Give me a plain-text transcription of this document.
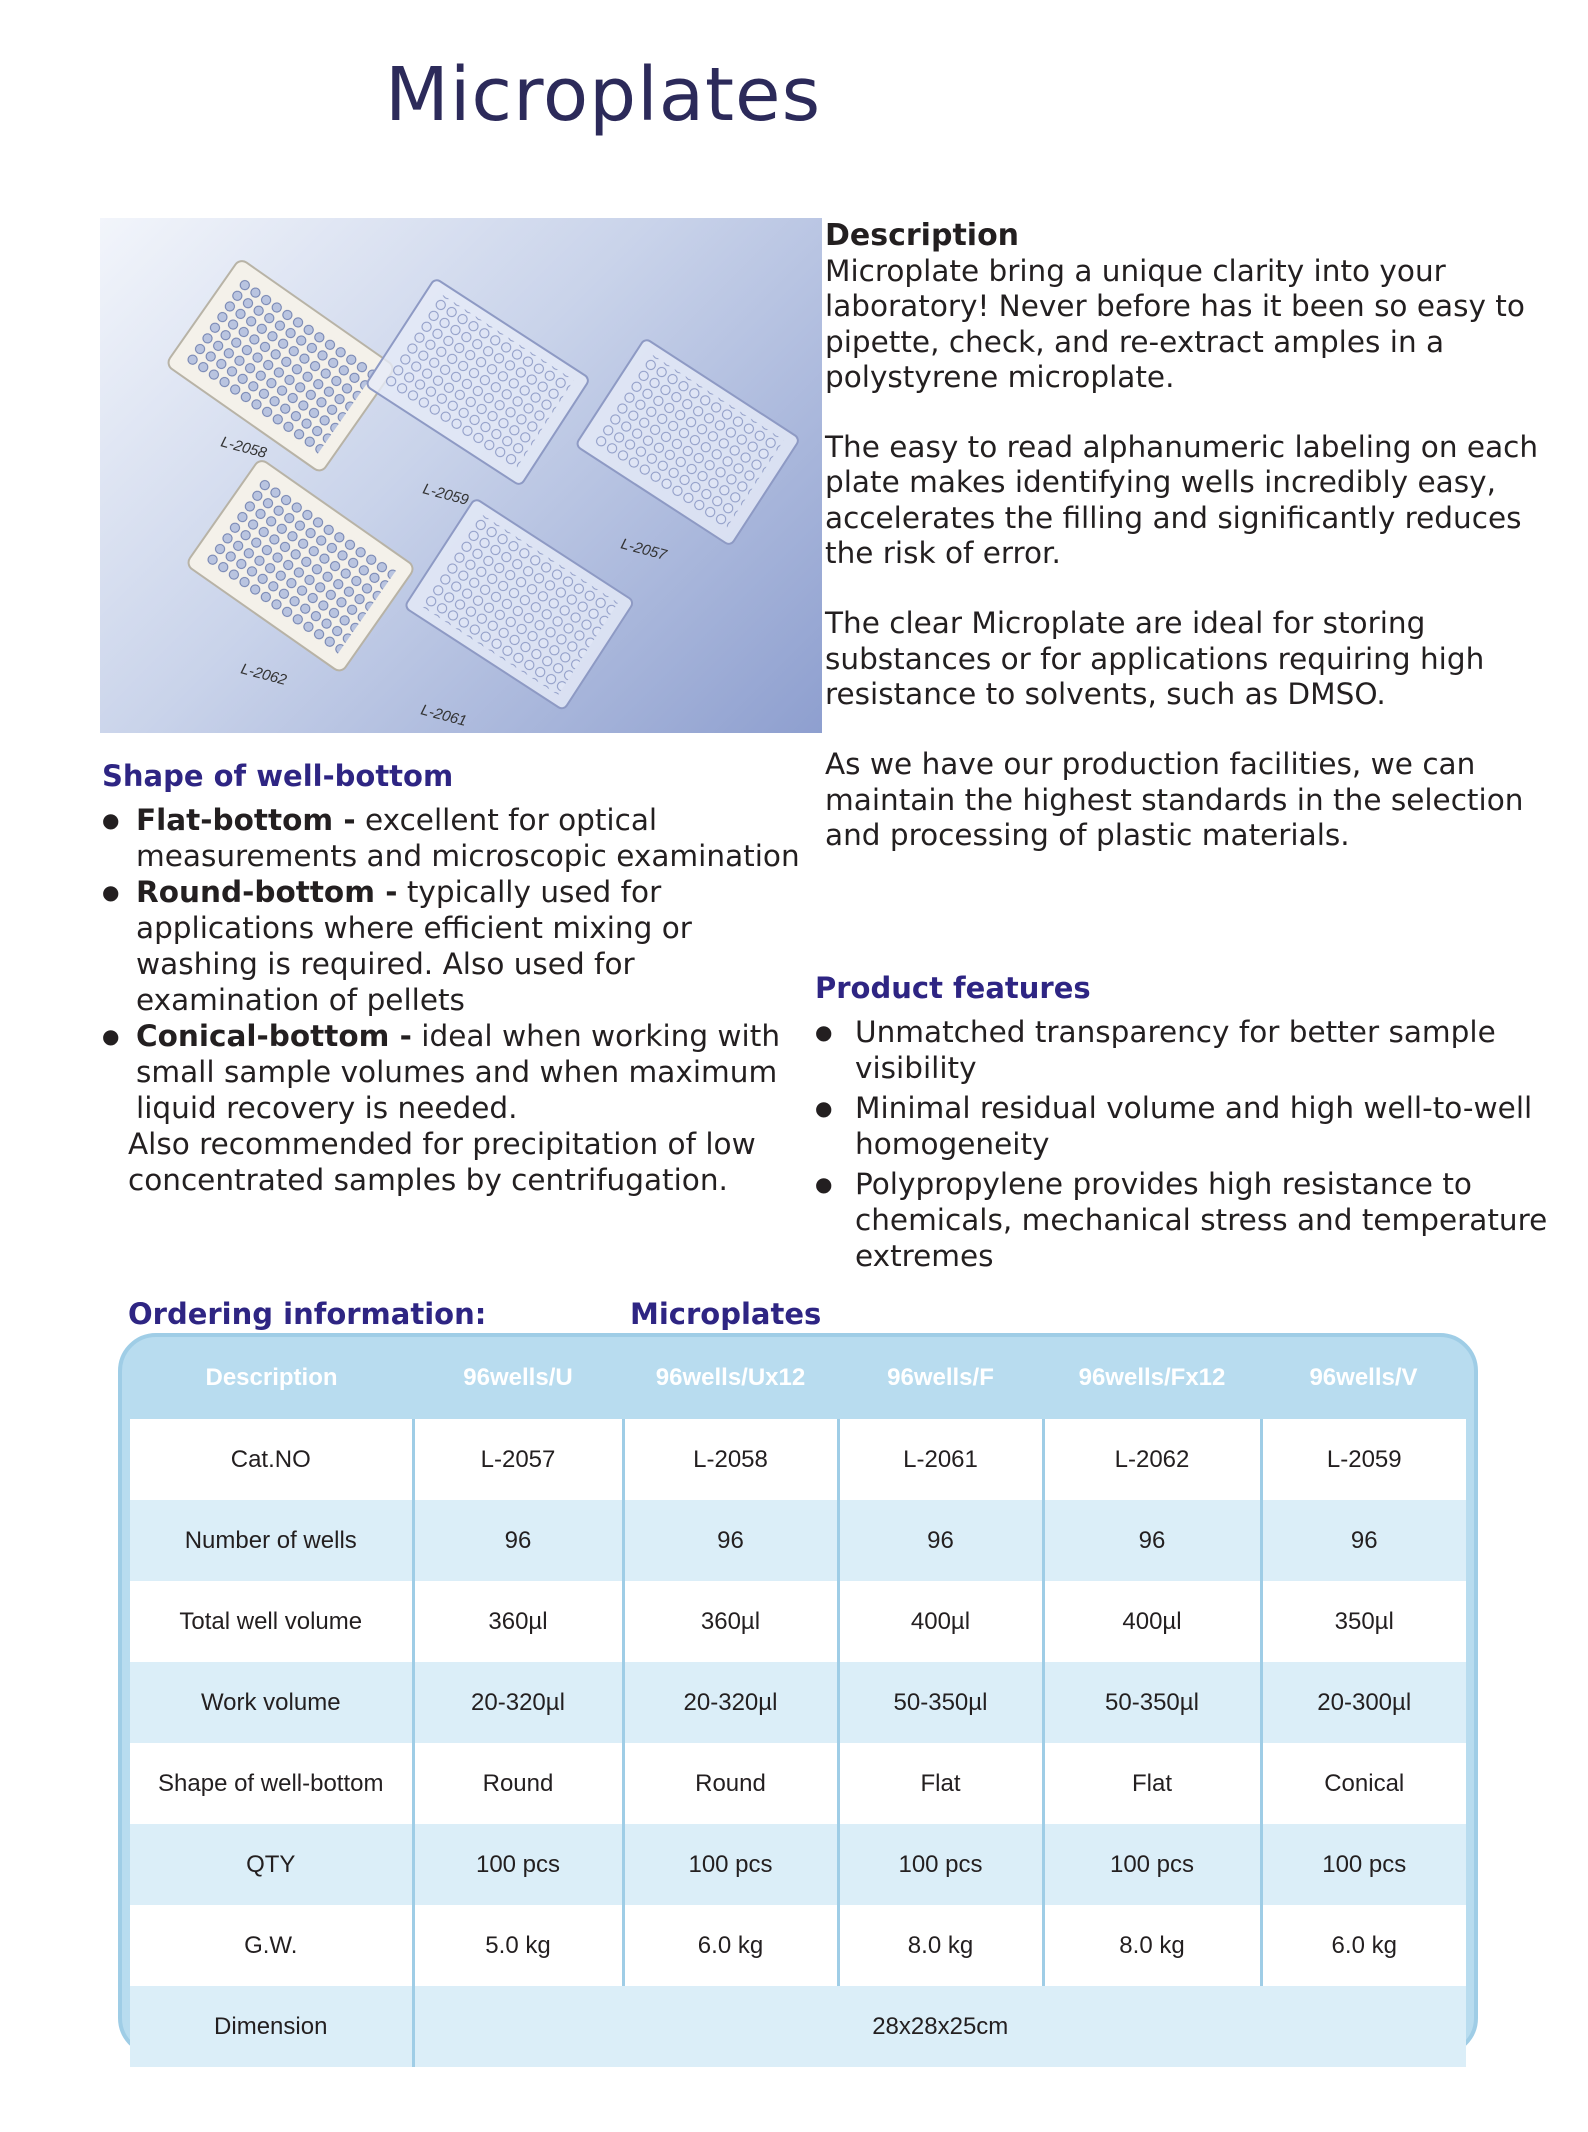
Microplates
L-2058
L-2059
L-2057
L-2062
L-2061
Description

Microplate bring a unique clarity into your laboratory! Never before has it been so easy to pipette, check, and re-extract amples in a polystyrene microplate.

The easy to read alphanumeric labeling on each plate makes identifying wells incredibly easy, accelerates the filling and significantly reduces the risk of error.

The clear Microplate are ideal for storing substances or for applications requiring high resistance to solvents, such as DMSO.

As we have our production facilities, we can maintain the highest standards in the selection and processing of plastic materials.

Shape of well-bottom
● Flat-bottom - excellent for optical measurements and microscopic examination
● Round-bottom - typically used for applications where efficient mixing or washing is required. Also used for examination of pellets
● Conical-bottom - ideal when working with small sample volumes and when maximum liquid recovery is needed.
Also recommended for precipitation of low concentrated samples by centrifugation.
Product features
● Unmatched transparency for better sample visibility
● Minimal residual volume and high well-to-well homogeneity
● Polypropylene provides high resistance to chemicals, mechanical stress and temperature extremes
Ordering information:	Microplates
Description	96wells/U	96wells/Ux12	96wells/F	96wells/Fx12	96wells/V
Cat.NO	L-2057	L-2058	L-2061	L-2062	L-2059
Number of wells	96	96	96	96	96
Total well volume	360µl	360µl	400µl	400µl	350µl
Work volume	20-320µl	20-320µl	50-350µl	50-350µl	20-300µl
Shape of well-bottom	Round	Round	Flat	Flat	Conical
QTY	100 pcs	100 pcs	100 pcs	100 pcs	100 pcs
G.W.	5.0 kg	6.0 kg	8.0 kg	8.0 kg	6.0 kg
Dimension	28x28x25cm				
